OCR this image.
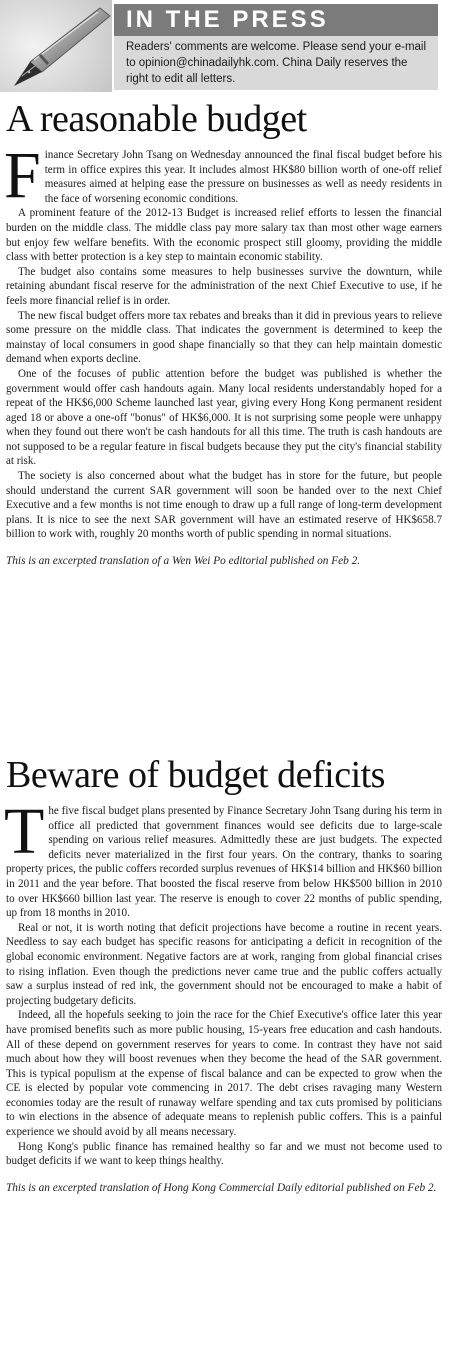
IN THE PRESS
Readers' comments are welcome. Please send your e-mail to opinion@chinadailyhk.com. China Daily reserves the right to edit all letters.
A reasonable budget

Finance Secretary John Tsang on Wednesday announced the final fiscal budget before his term in office expires this year. It includes almost HK$80 billion worth of one-off relief measures aimed at helping ease the pressure on businesses as well as needy residents in the face of worsening economic conditions.

A prominent feature of the 2012-13 Budget is increased relief efforts to lessen the financial burden on the middle class. The middle class pay more salary tax than most other wage earners but enjoy few welfare benefits. With the economic prospect still gloomy, providing the middle class with better protection is a key step to maintain economic stability.

The budget also contains some measures to help businesses survive the downturn, while retaining abundant fiscal reserve for the administration of the next Chief Executive to use, if he feels more financial relief is in order.

The new fiscal budget offers more tax rebates and breaks than it did in previous years to relieve some pressure on the middle class. That indicates the government is determined to keep the mainstay of local consumers in good shape financially so that they can help maintain domestic demand when exports decline.

One of the focuses of public attention before the budget was published is whether the government would offer cash handouts again. Many local residents understandably hoped for a repeat of the HK$6,000 Scheme launched last year, giving every Hong Kong permanent resident aged 18 or above a one-off "bonus" of HK$6,000. It is not surprising some people were unhappy when they found out there won't be cash handouts for all this time. The truth is cash handouts are not supposed to be a regular feature in fiscal budgets because they put the city's financial stability at risk.

The society is also concerned about what the budget has in store for the future, but people should understand the current SAR government will soon be handed over to the next Chief Executive and a few months is not time enough to draw up a full range of long-term development plans. It is nice to see the next SAR government will have an estimated reserve of HK$658.7 billion to work with, roughly 20 months worth of public spending in normal situations.

This is an excerpted translation of a Wen Wei Po editorial published on Feb 2.
Beware of budget deficits

The five fiscal budget plans presented by Finance Secretary John Tsang during his term in office all predicted that government finances would see deficits due to large-scale spending on various relief measures. Admittedly these are just budgets. The expected deficits never materialized in the first four years. On the contrary, thanks to soaring property prices, the public coffers recorded surplus revenues of HK$14 billion and HK$60 billion in 2011 and the year before. That boosted the fiscal reserve from below HK$500 billion in 2010 to over HK$660 billion last year. The reserve is enough to cover 22 months of public spending, up from 18 months in 2010.

Real or not, it is worth noting that deficit projections have become a routine in recent years. Needless to say each budget has specific reasons for anticipating a deficit in recognition of the global economic environment. Negative factors are at work, ranging from global financial crises to rising inflation. Even though the predictions never came true and the public coffers actually saw a surplus instead of red ink, the government should not be encouraged to make a habit of projecting budgetary deficits.

Indeed, all the hopefuls seeking to join the race for the Chief Executive's office later this year have promised benefits such as more public housing, 15-years free education and cash handouts. All of these depend on government reserves for years to come. In contrast they have not said much about how they will boost revenues when they become the head of the SAR government. This is typical populism at the expense of fiscal balance and can be expected to grow when the CE is elected by popular vote commencing in 2017. The debt crises ravaging many Western economies today are the result of runaway welfare spending and tax cuts promised by politicians to win elections in the absence of adequate means to replenish public coffers. This is a painful experience we should avoid by all means necessary.

Hong Kong's public finance has remained healthy so far and we must not become used to budget deficits if we want to keep things healthy.

This is an excerpted translation of Hong Kong Commercial Daily editorial published on Feb 2.
